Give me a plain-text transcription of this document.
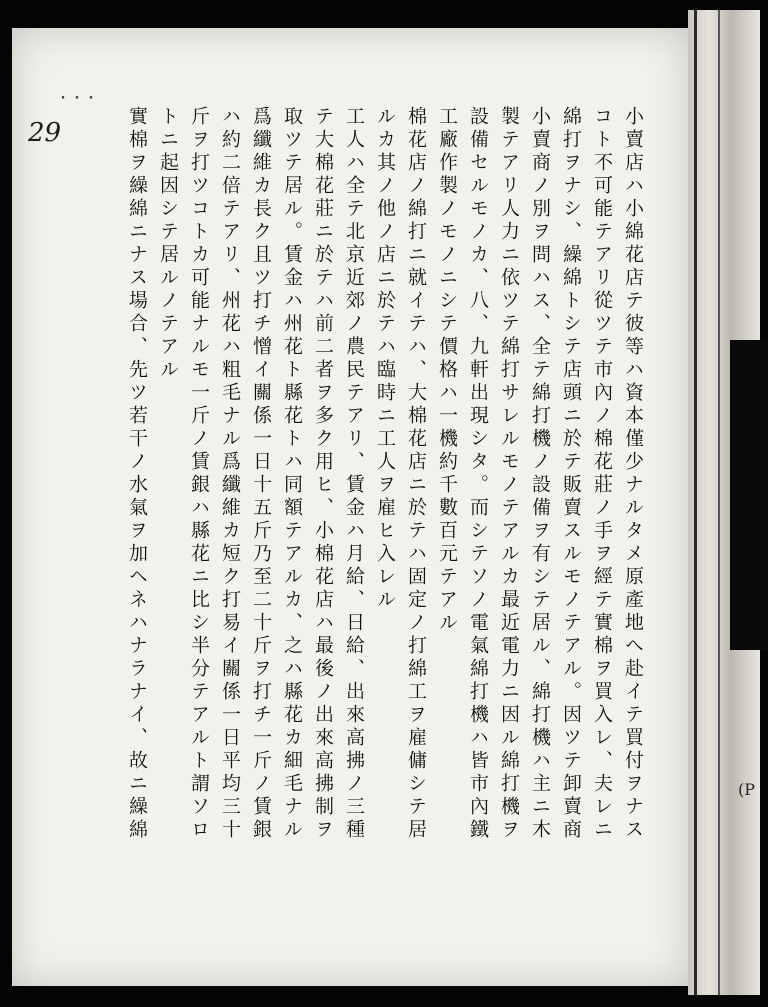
・・・
29
(P

小賣店ハ小綿花店テ彼等ハ資本僅少ナルタメ原產地へ赴イテ買付ヲナス

コト不可能テアリ從ツテ市內ノ棉花莊ノ手ヲ經テ實棉ヲ買入レ、夫レニ

綿打ヲナシ、繰綿トシテ店頭ニ於テ販賣スルモノテアル。因ツテ卸賣商

小賣商ノ別ヲ問ハス、全テ綿打機ノ設備ヲ有シテ居ル、綿打機ハ主ニ木

製テアリ人力ニ依ツテ綿打サレルモノテアルカ最近電力ニ因ル綿打機ヲ

設備セルモノカ、八、九軒出現シタ。而シテソノ電氣綿打機ハ皆市內鐵

工廠作製ノモノニシテ價格ハ一機約千數百元テアル

棉花店ノ綿打ニ就イテハ、大棉花店ニ於テハ固定ノ打綿工ヲ雇傭シテ居

ルカ其ノ他ノ店ニ於テハ臨時ニ工人ヲ雇ヒ入レル

工人ハ全テ北京近郊ノ農民テアリ、賃金ハ月給、日給、出來高拂ノ三種

テ大棉花莊ニ於テハ前二者ヲ多ク用ヒ、小棉花店ハ最後ノ出來高拂制ヲ

取ツテ居ル。賃金ハ州花ト縣花トハ同額テアルカ、之ハ縣花カ細毛ナル

爲纖維カ長ク且ツ打チ憎イ關係一日十五斤乃至二十斤ヲ打チ一斤ノ賃銀

ハ約二倍テアリ、州花ハ粗毛ナル爲纖維カ短ク打易イ關係一日平均三十

斤ヲ打ツコトカ可能ナルモ一斤ノ賃銀ハ縣花ニ比シ半分テアルト謂ソロ

トニ起因シテ居ルノテアル

實棉ヲ繰綿ニナス場合、先ツ若干ノ水氣ヲ加ヘネハナラナイ、故ニ繰綿
